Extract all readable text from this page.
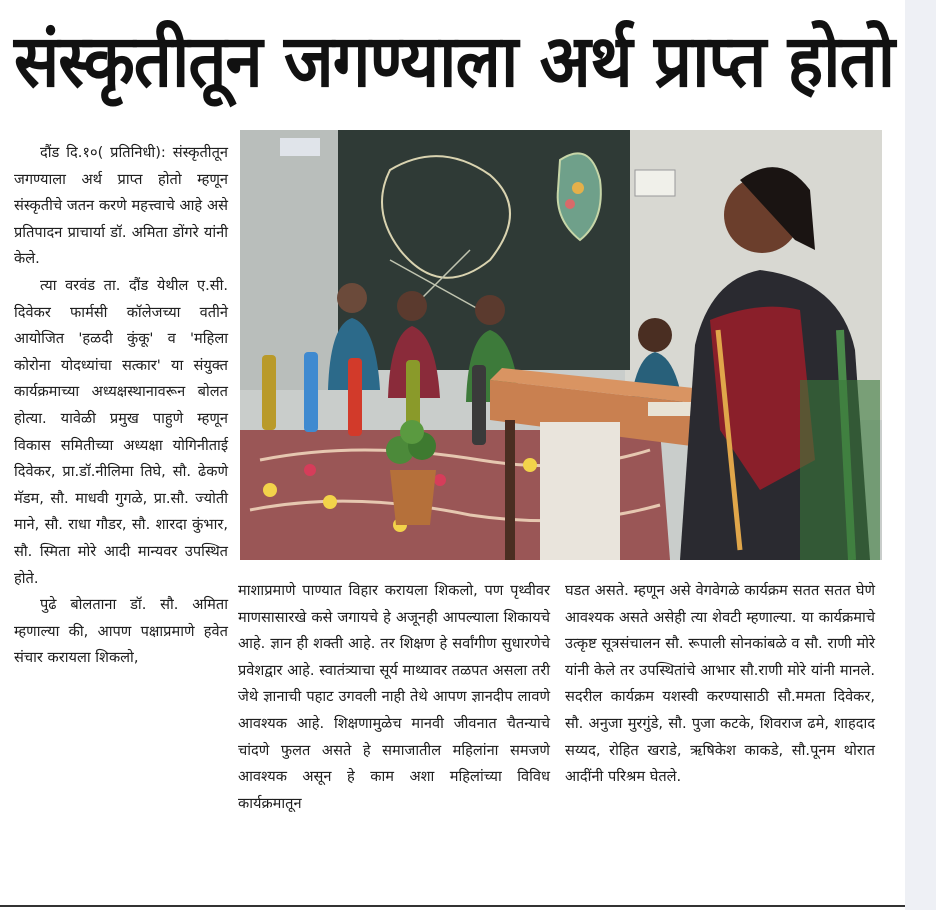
संस्कृतीतून जगण्याला अर्थ प्राप्त होतो

दौंड दि.१०( प्रतिनिधी): संस्कृतीतून जगण्याला अर्थ प्राप्त होतो म्हणून संस्कृतीचे जतन करणे महत्त्वाचे आहे असे प्रतिपादन प्राचार्या डॉ. अमिता डोंगरे यांनी केले.

त्या वरवंड ता. दौंड येथील ए.सी. दिवेकर फार्मसी कॉलेजच्या वतीने आयोजित 'हळदी कुंकू' व 'महिला कोरोना योदध्यांचा सत्कार' या संयुक्त कार्यक्रमाच्या अध्यक्षस्थानावरून बोलत होत्या. यावेळी प्रमुख पाहुणे म्हणून विकास समितीच्या अध्यक्षा योगिनीताई दिवेकर, प्रा.डॉ.नीलिमा तिघे, सौ. ढेकणे मॅडम, सौ. माधवी गुगळे, प्रा.सौ. ज्योती माने, सौ. राधा गौडर, सौ. शारदा कुंभार, सौ. स्मिता मोरे आदी मान्यवर उपस्थित होते.

पुढे बोलताना डॉ. सौ. अमिता म्हणाल्या की, आपण पक्षाप्रमाणे हवेत संचार करायला शिकलो,

माशाप्रमाणे पाण्यात विहार करायला शिकलो, पण पृथ्वीवर माणसासारखे कसे जगायचे हे अजूनही आपल्याला शिकायचे आहे. ज्ञान ही शक्ती आहे. तर शिक्षण हे सर्वांगीण सुधारणेचे प्रवेशद्वार आहे. स्वातंत्र्याचा सूर्य माथ्यावर तळपत असला तरी जेथे ज्ञानाची पहाट उगवली नाही तेथे आपण ज्ञानदीप लावणे आवश्यक आहे. शिक्षणामुळेच मानवी जीवनात चैतन्याचे चांदणे फुलत असते हे समाजातील महिलांना समजणे आवश्यक असून हे काम अशा महिलांच्या विविध कार्यक्रमातून

घडत असते. म्हणून असे वेगवेगळे कार्यक्रम सतत सतत घेणे आवश्यक असते असेही त्या शेवटी म्हणाल्या. या कार्यक्रमाचे उत्कृष्ट सूत्रसंचालन सौ. रूपाली सोनकांबळे व सौ. राणी मोरे यांनी केले तर उपस्थितांचे आभार सौ.राणी मोरे यांनी मानले. सदरील कार्यक्रम यशस्वी करण्यासाठी सौ.ममता दिवेकर, सौ. अनुजा मुरगुंडे, सौ. पुजा कटके, शिवराज ढमे, शाहदाद सय्यद, रोहित खराडे, ऋषिकेश काकडे, सौ.पूनम थोरात आदींनी परिश्रम घेतले.
